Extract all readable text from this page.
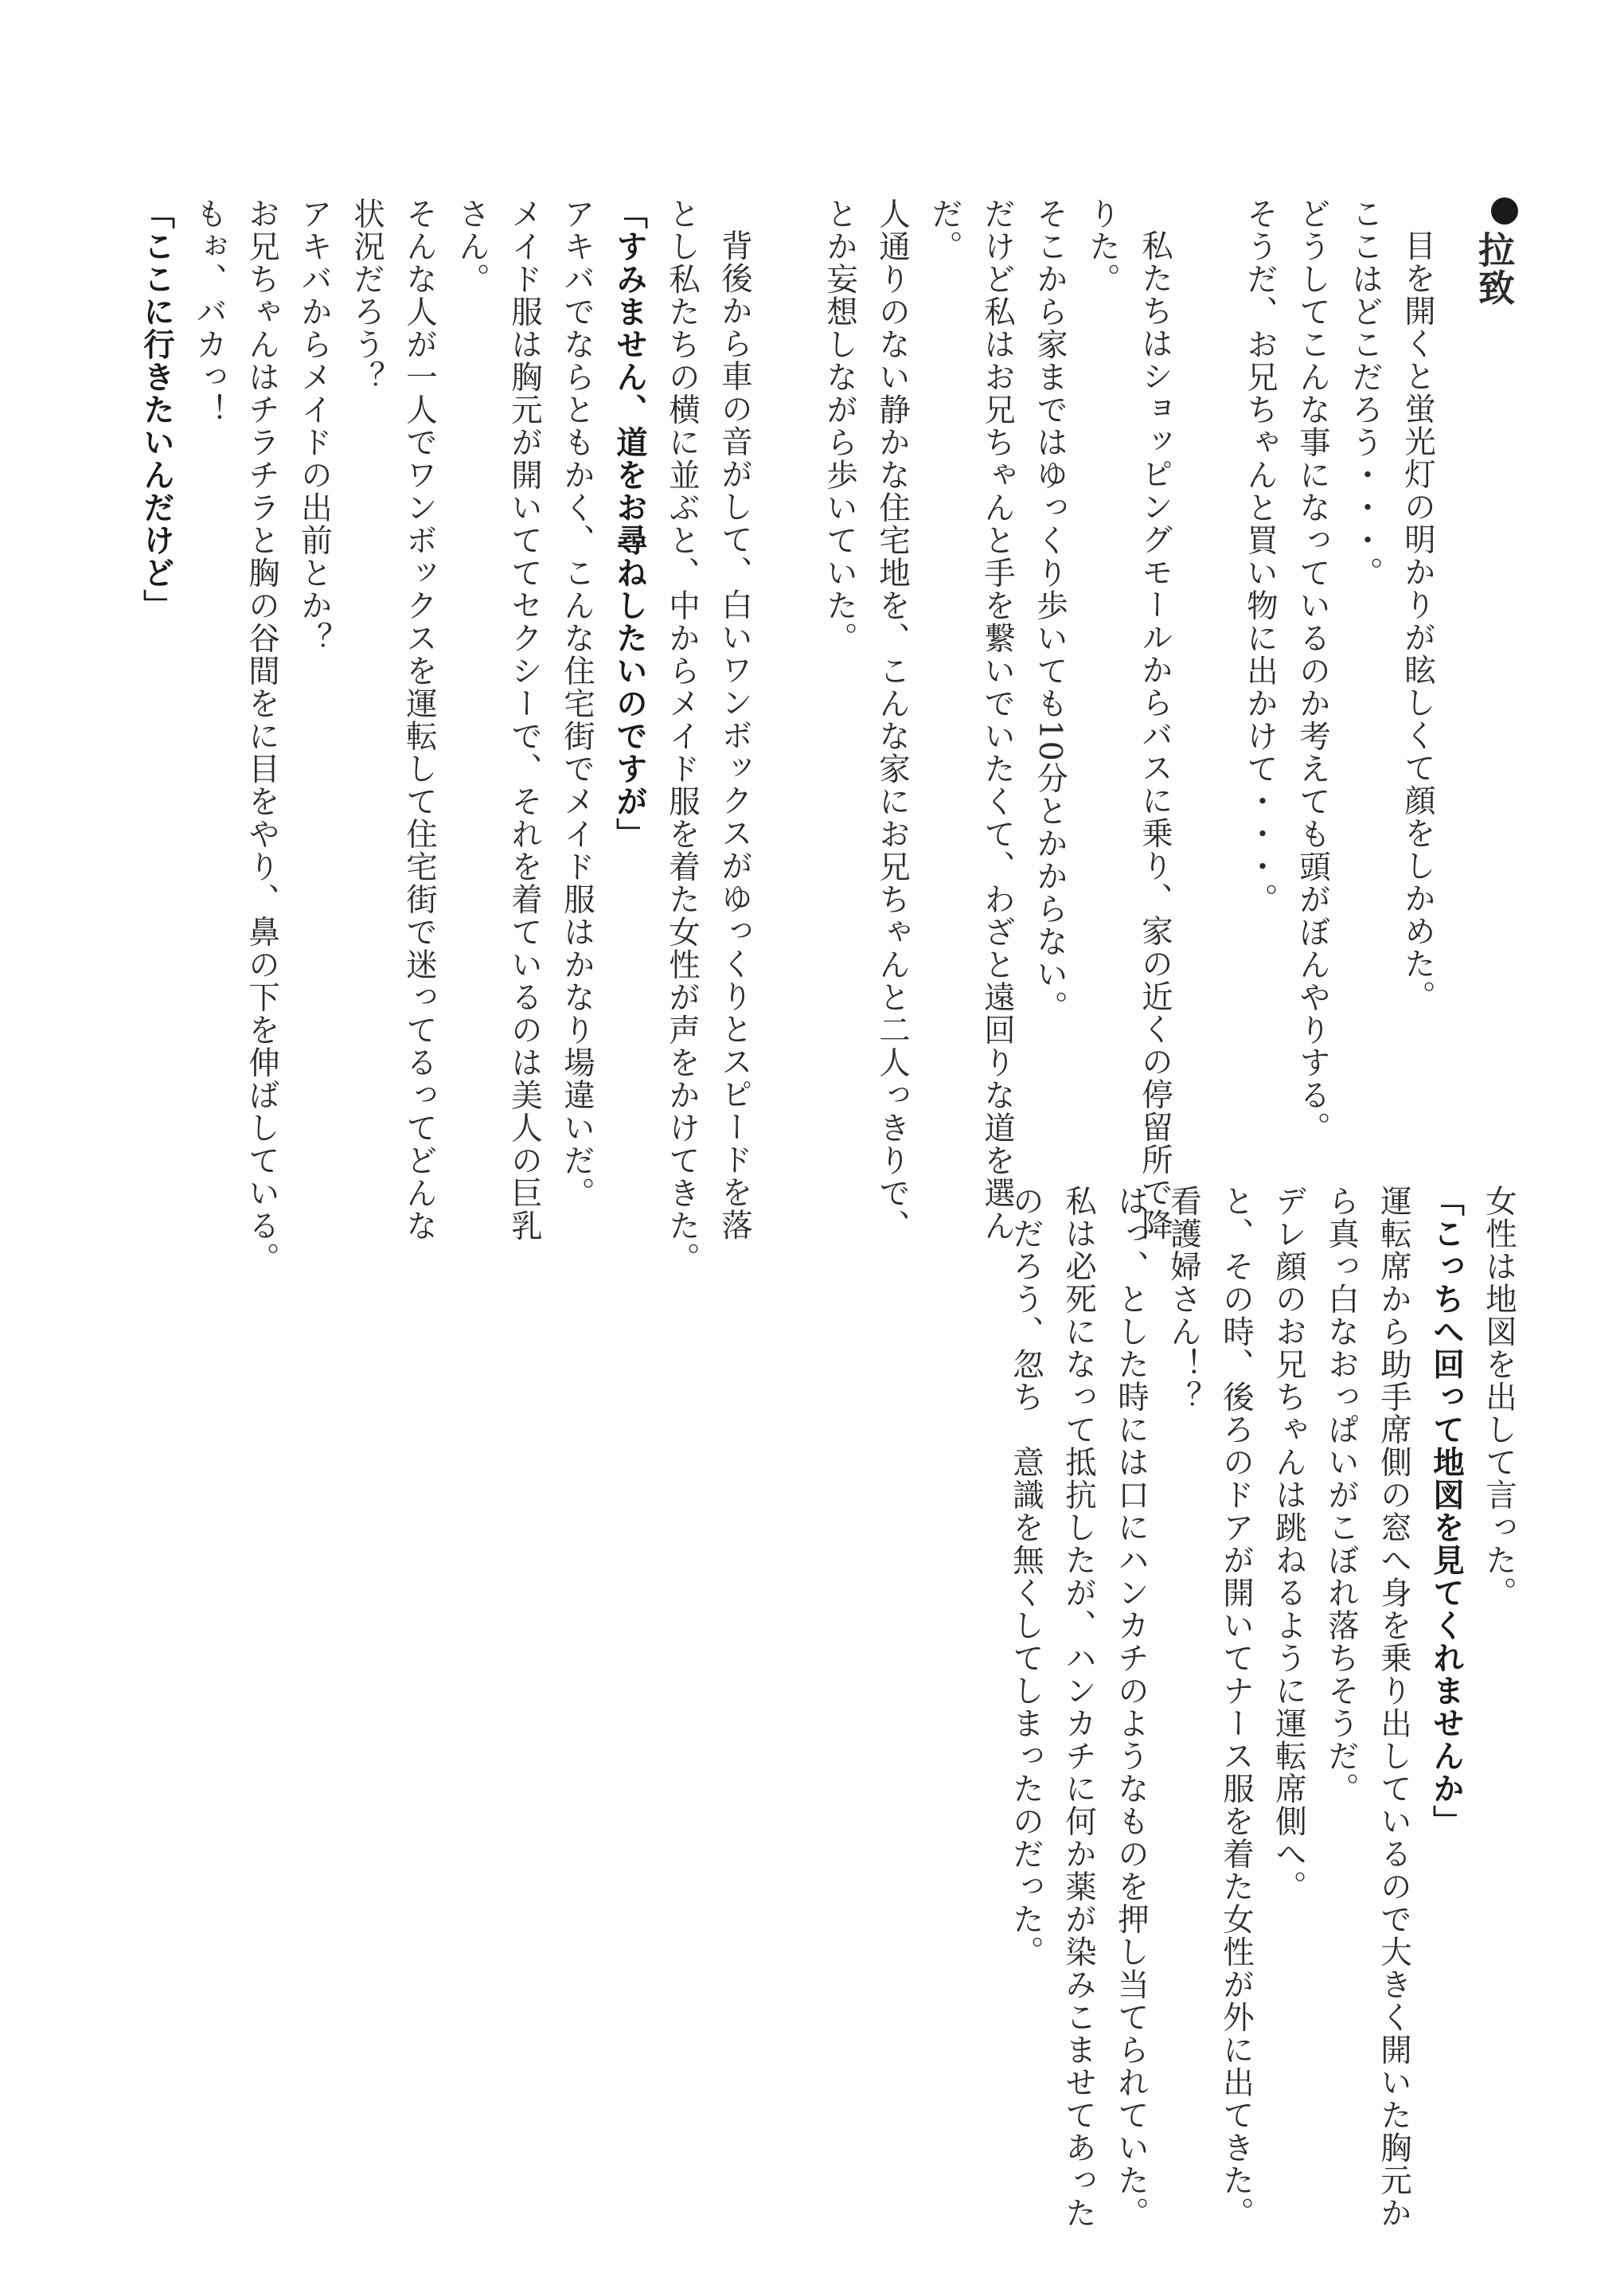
拉致
目を開くと蛍光灯の明かりが眩しくて顔をしかめた。
ここはどこだろう・・・。
どうしてこんな事になっているのか考えても頭がぼんやりする。
そうだ、お兄ちゃんと買い物に出かけて・・・。
私たちはショッピングモールからバスに乗り、家の近くの停留所で降
りた。
そこから家まではゆっくり歩いても10分とかからない。
だけど私はお兄ちゃんと手を繋いでいたくて、わざと遠回りな道を選ん
だ。
人通りのない静かな住宅地を、こんな家にお兄ちゃんと二人っきりで、
とか妄想しながら歩いていた。
背後から車の音がして、白いワンボックスがゆっくりとスピードを落
とし私たちの横に並ぶと、中からメイド服を着た女性が声をかけてきた。
「すみません、道をお尋ねしたいのですが」
アキバでならともかく、こんな住宅街でメイド服はかなり場違いだ。
メイド服は胸元が開いててセクシーで、それを着ているのは美人の巨乳
さん。
そんな人が一人でワンボックスを運転して住宅街で迷ってるってどんな
状況だろう？
アキバからメイドの出前とか？
お兄ちゃんはチラチラと胸の谷間をに目をやり、鼻の下を伸ばしている。
もぉ、バカっ！
「ここに行きたいんだけど」
女性は地図を出して言った。
「こっちへ回って地図を見てくれませんか」
運転席から助手席側の窓へ身を乗り出しているので大きく開いた胸元か
ら真っ白なおっぱいがこぼれ落ちそうだ。
デレ顔のお兄ちゃんは跳ねるように運転席側へ。
と、その時、後ろのドアが開いてナース服を着た女性が外に出てきた。
看護婦さん！？
はっ、とした時には口にハンカチのようなものを押し当てられていた。
私は必死になって抵抗したが、ハンカチに何か薬が染みこませてあった
のだろう、忽ち　意識を無くしてしまったのだった。
